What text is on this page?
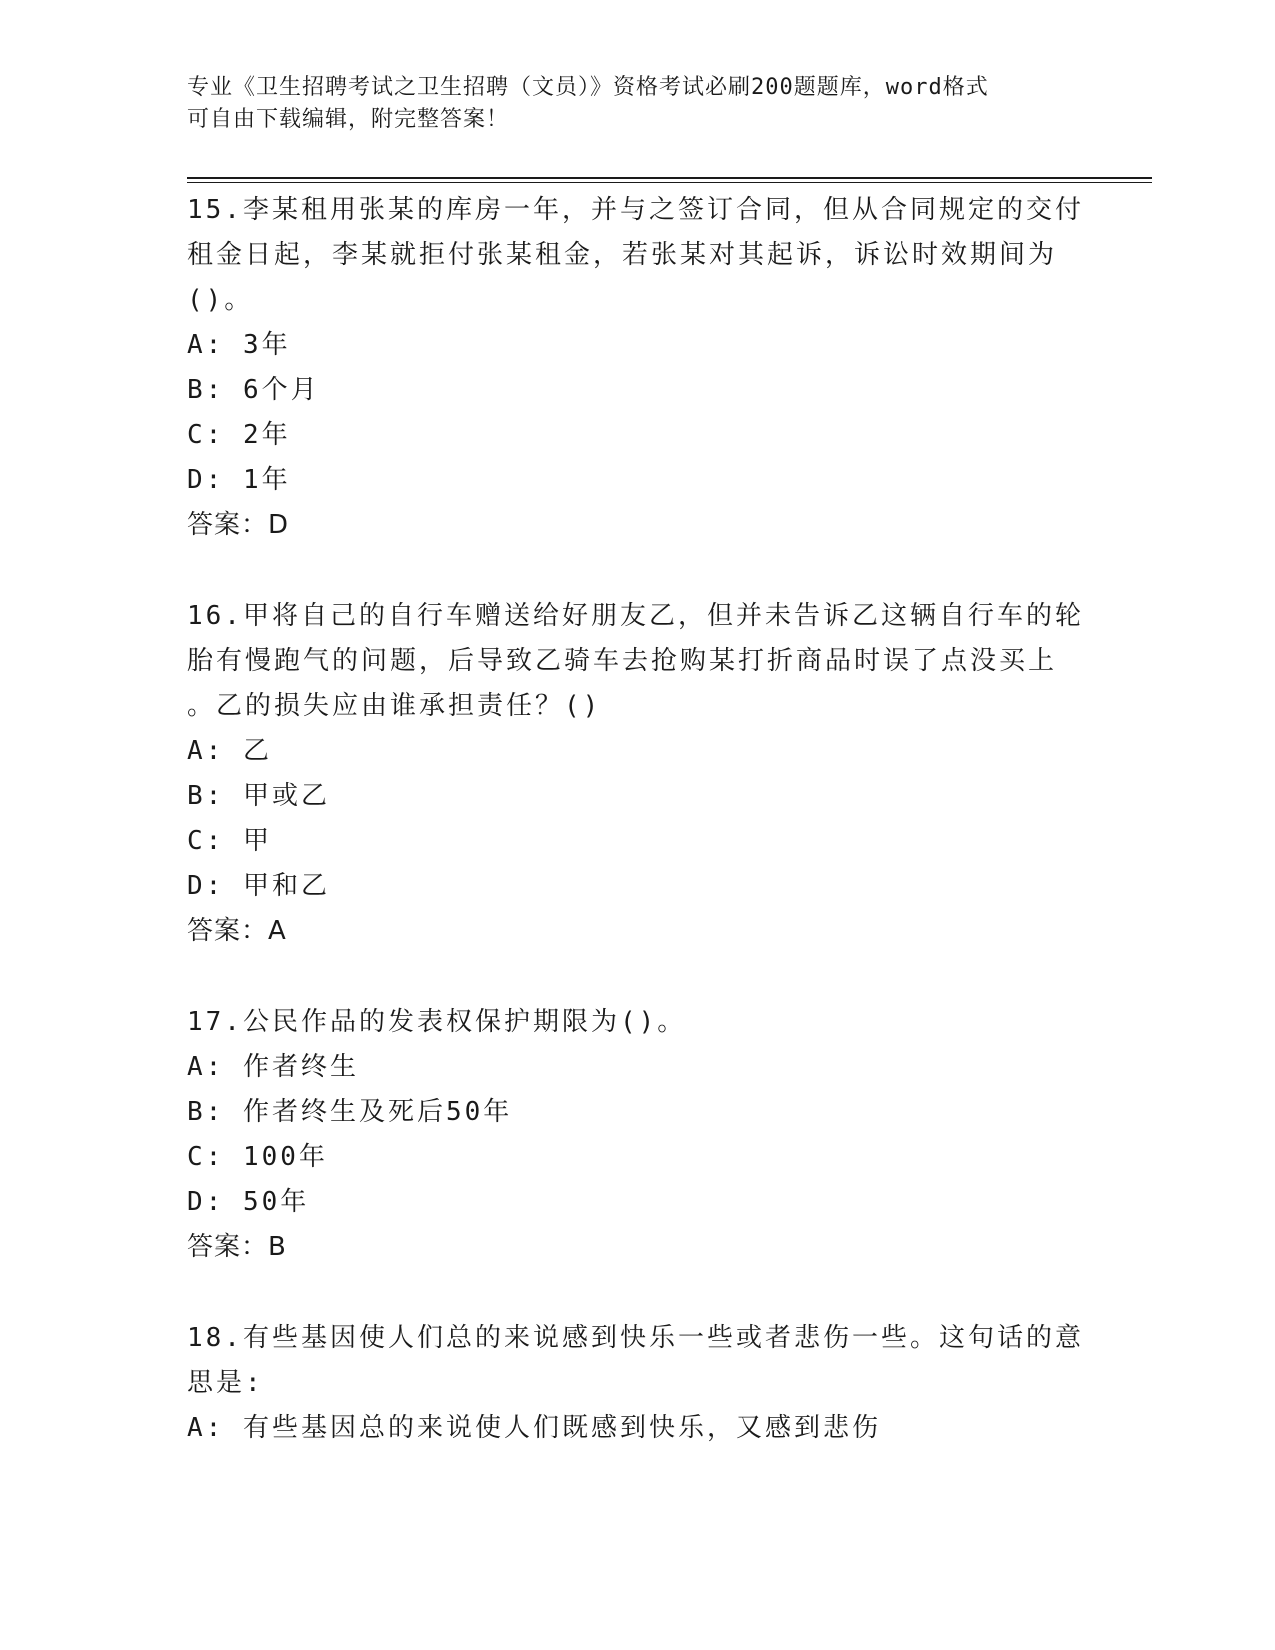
专业《卫生招聘考试之卫生招聘（文员）》资格考试必刷200题题库，word格式
可自由下载编辑，附完整答案！
15.李某租用张某的库房一年，并与之签订合同，但从合同规定的交付
租金日起，李某就拒付张某租金，若张某对其起诉，诉讼时效期间为
()。
A: 3年
B: 6个月
C: 2年
D: 1年
答案：D
16.甲将自己的自行车赠送给好朋友乙，但并未告诉乙这辆自行车的轮
胎有慢跑气的问题，后导致乙骑车去抢购某打折商品时误了点没买上
。乙的损失应由谁承担责任？()
A: 乙
B: 甲或乙
C: 甲
D: 甲和乙
答案：A
17.公民作品的发表权保护期限为()。
A: 作者终生
B: 作者终生及死后50年
C: 100年
D: 50年
答案：B
18.有些基因使人们总的来说感到快乐一些或者悲伤一些。这句话的意
思是:
A: 有些基因总的来说使人们既感到快乐，又感到悲伤
